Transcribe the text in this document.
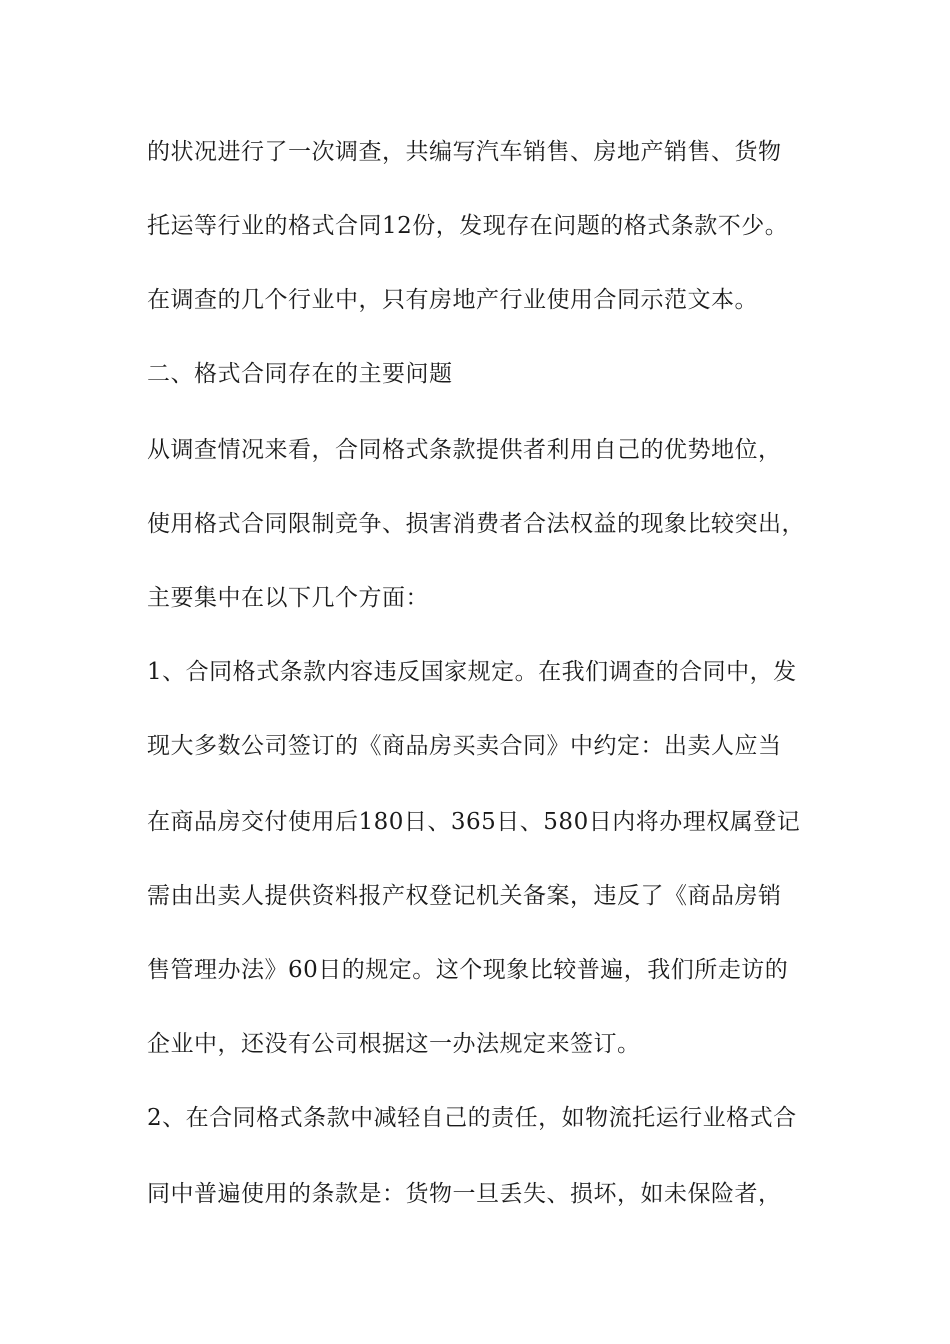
的状况进行了一次调查，共编写汽车销售、房地产销售、货物
托运等行业的格式合同12份，发现存在问题的格式条款不少。
在调查的几个行业中，只有房地产行业使用合同示范文本。
二、格式合同存在的主要问题
从调查情况来看，合同格式条款提供者利用自己的优势地位，
使用格式合同限制竞争、损害消费者合法权益的现象比较突出，
主要集中在以下几个方面：
1、合同格式条款内容违反国家规定。在我们调查的合同中，发
现大多数公司签订的《商品房买卖合同》中约定：出卖人应当
在商品房交付使用后180日、365日、580日内将办理权属登记
需由出卖人提供资料报产权登记机关备案，违反了《商品房销
售管理办法》60日的规定。这个现象比较普遍，我们所走访的
企业中，还没有公司根据这一办法规定来签订。
2、在合同格式条款中减轻自己的责任，如物流托运行业格式合
同中普遍使用的条款是：货物一旦丢失、损坏，如未保险者，
